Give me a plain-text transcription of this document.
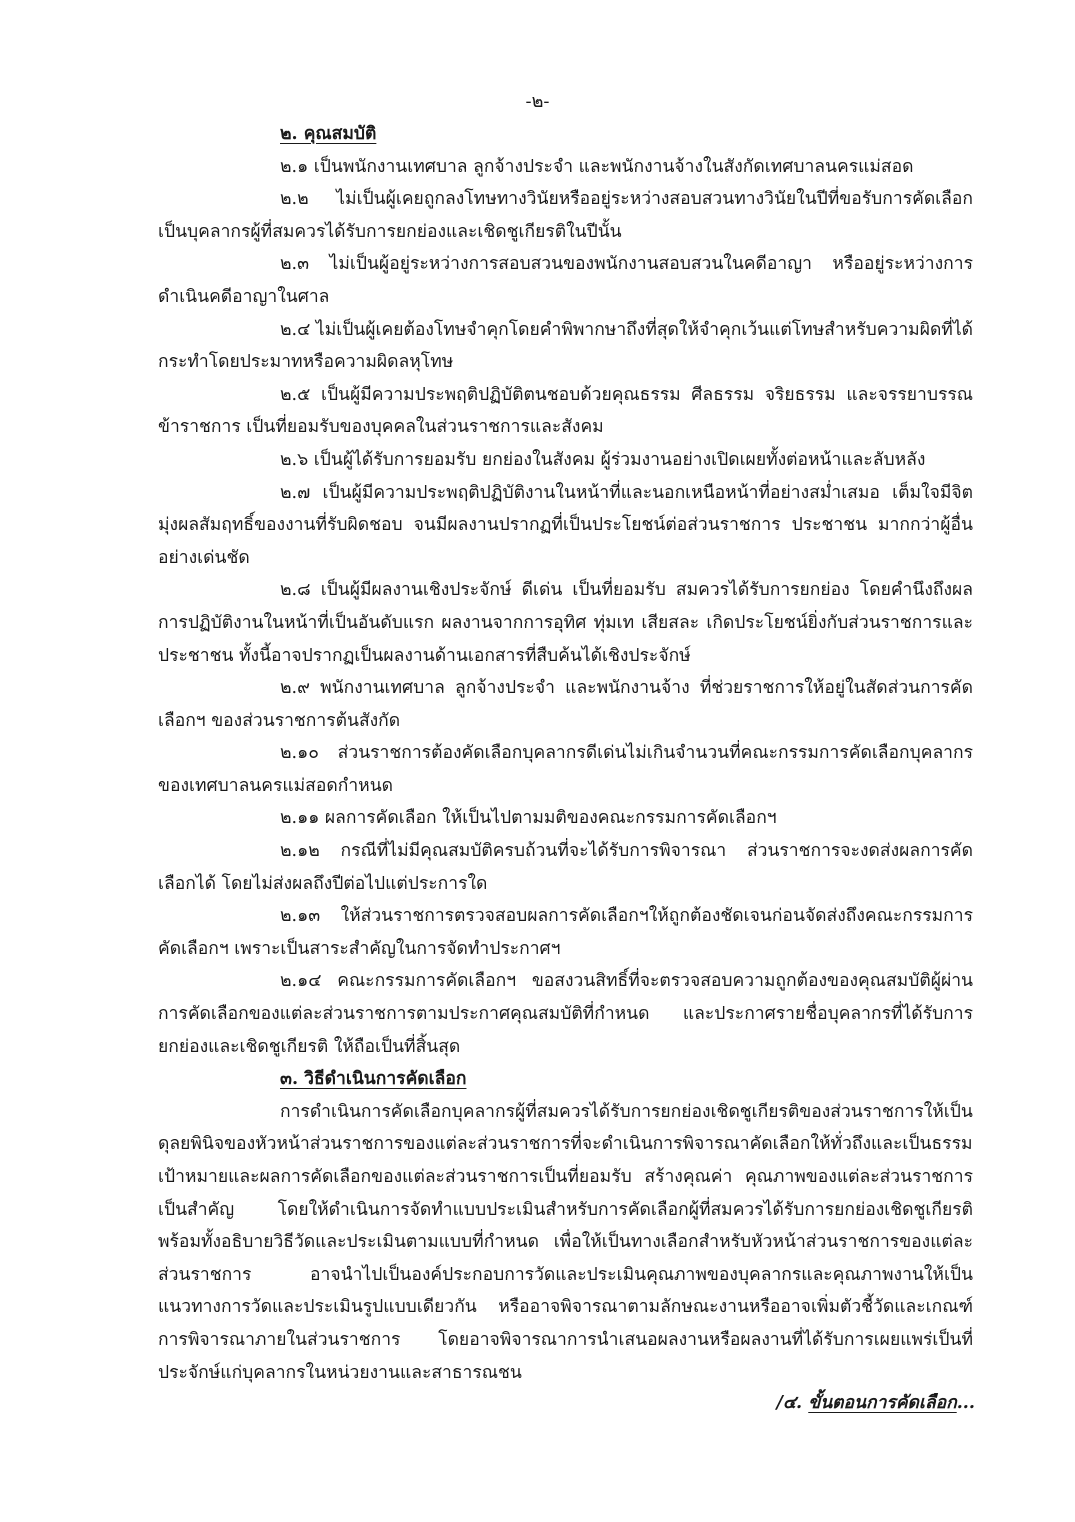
-๒-

๒. คุณสมบัติ

๒.๑ เป็นพนักงานเทศบาล ลูกจ้างประจำ และพนักงานจ้างในสังกัดเทศบาลนครแม่สอด

๒.๒ ไม่เป็นผู้เคยถูกลงโทษทางวินัยหรืออยู่ระหว่างสอบสวนทางวินัยในปีที่ขอรับการคัดเลือกเป็นบุคลากรผู้ที่สมควรได้รับการยกย่องและเชิดชูเกียรติในปีนั้น

๒.๓ ไม่เป็นผู้อยู่ระหว่างการสอบสวนของพนักงานสอบสวนในคดีอาญา หรืออยู่ระหว่างการดำเนินคดีอาญาในศาล

๒.๔ ไม่เป็นผู้เคยต้องโทษจำคุกโดยคำพิพากษาถึงที่สุดให้จำคุกเว้นแต่โทษสำหรับความผิดที่ได้กระทำโดยประมาทหรือความผิดลหุโทษ

๒.๕ เป็นผู้มีความประพฤติปฏิบัติตนชอบด้วยคุณธรรม ศีลธรรม จริยธรรม และจรรยาบรรณข้าราชการ เป็นที่ยอมรับของบุคคลในส่วนราชการและสังคม

๒.๖ เป็นผู้ได้รับการยอมรับ ยกย่องในสังคม ผู้ร่วมงานอย่างเปิดเผยทั้งต่อหน้าและลับหลัง

๒.๗ เป็นผู้มีความประพฤติปฏิบัติงานในหน้าที่และนอกเหนือหน้าที่อย่างสม่ำเสมอ เต็มใจมีจิตมุ่งผลสัมฤทธิ์ของงานที่รับผิดชอบ จนมีผลงานปรากฏที่เป็นประโยชน์ต่อส่วนราชการ ประชาชน มากกว่าผู้อื่นอย่างเด่นชัด

๒.๘ เป็นผู้มีผลงานเชิงประจักษ์ ดีเด่น เป็นที่ยอมรับ สมควรได้รับการยกย่อง โดยคำนึงถึงผลการปฏิบัติงานในหน้าที่เป็นอันดับแรก ผลงานจากการอุทิศ ทุ่มเท เสียสละ เกิดประโยชน์ยิ่งกับส่วนราชการและประชาชน ทั้งนี้อาจปรากฏเป็นผลงานด้านเอกสารที่สืบค้นได้เชิงประจักษ์

๒.๙ พนักงานเทศบาล ลูกจ้างประจำ และพนักงานจ้าง ที่ช่วยราชการให้อยู่ในสัดส่วนการคัดเลือกฯ ของส่วนราชการต้นสังกัด

๒.๑๐ ส่วนราชการต้องคัดเลือกบุคลากรดีเด่นไม่เกินจำนวนที่คณะกรรมการคัดเลือกบุคลากรของเทศบาลนครแม่สอดกำหนด

๒.๑๑ ผลการคัดเลือก ให้เป็นไปตามมติของคณะกรรมการคัดเลือกฯ

๒.๑๒ กรณีที่ไม่มีคุณสมบัติครบถ้วนที่จะได้รับการพิจารณา ส่วนราชการจะงดส่งผลการคัดเลือกได้ โดยไม่ส่งผลถึงปีต่อไปแต่ประการใด

๒.๑๓ ให้ส่วนราชการตรวจสอบผลการคัดเลือกฯให้ถูกต้องชัดเจนก่อนจัดส่งถึงคณะกรรมการคัดเลือกฯ เพราะเป็นสาระสำคัญในการจัดทำประกาศฯ

๒.๑๔ คณะกรรมการคัดเลือกฯ ขอสงวนสิทธิ์ที่จะตรวจสอบความถูกต้องของคุณสมบัติผู้ผ่านการคัดเลือกของแต่ละส่วนราชการตามประกาศคุณสมบัติที่กำหนด และประกาศรายชื่อบุคลากรที่ได้รับการยกย่องและเชิดชูเกียรติ ให้ถือเป็นที่สิ้นสุด

๓. วิธีดำเนินการคัดเลือก

การดำเนินการคัดเลือกบุคลากรผู้ที่สมควรได้รับการยกย่องเชิดชูเกียรติของส่วนราชการให้เป็นดุลยพินิจของหัวหน้าส่วนราชการของแต่ละส่วนราชการที่จะดำเนินการพิจารณาคัดเลือกให้ทั่วถึงและเป็นธรรม เป้าหมายและผลการคัดเลือกของแต่ละส่วนราชการเป็นที่ยอมรับ สร้างคุณค่า คุณภาพของแต่ละส่วนราชการเป็นสำคัญ โดยให้ดำเนินการจัดทำแบบประเมินสำหรับการคัดเลือกผู้ที่สมควรได้รับการยกย่องเชิดชูเกียรติ พร้อมทั้งอธิบายวิธีวัดและประเมินตามแบบที่กำหนด เพื่อให้เป็นทางเลือกสำหรับหัวหน้าส่วนราชการของแต่ละส่วนราชการ อาจนำไปเป็นองค์ประกอบการวัดและประเมินคุณภาพของบุคลากรและคุณภาพงานให้เป็นแนวทางการวัดและประเมินรูปแบบเดียวกัน หรืออาจพิจารณาตามลักษณะงานหรืออาจเพิ่มตัวชี้วัดและเกณฑ์การพิจารณาภายในส่วนราชการ โดยอาจพิจารณาการนำเสนอผลงานหรือผลงานที่ได้รับการเผยแพร่เป็นที่ประจักษ์แก่บุคลากรในหน่วยงานและสาธารณชน

/๔. ขั้นตอนการคัดเลือก...
